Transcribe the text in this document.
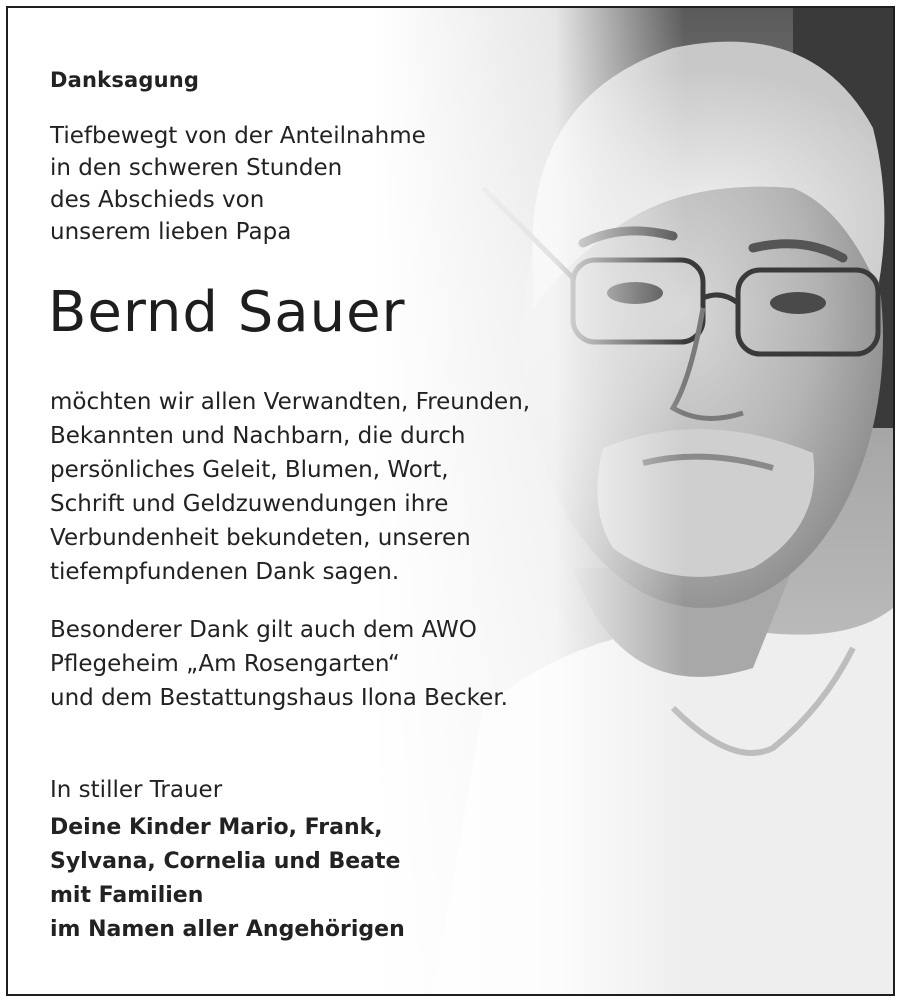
Danksagung
Tiefbewegt von der Anteilnahme
in den schweren Stunden
des Abschieds von
unserem lieben Papa
Bernd Sauer
möchten wir allen Verwandten, Freunden,
Bekannten und Nachbarn, die durch
persönliches Geleit, Blumen, Wort,
Schrift und Geldzuwendungen ihre
Verbundenheit bekundeten, unseren
tiefempfundenen Dank sagen.
Besonderer Dank gilt auch dem AWO
Pflegeheim „Am Rosengarten“
und dem Bestattungshaus Ilona Becker.
In stiller Trauer
Deine Kinder Mario, Frank,
Sylvana, Cornelia und Beate
mit Familien
im Namen aller Angehörigen
